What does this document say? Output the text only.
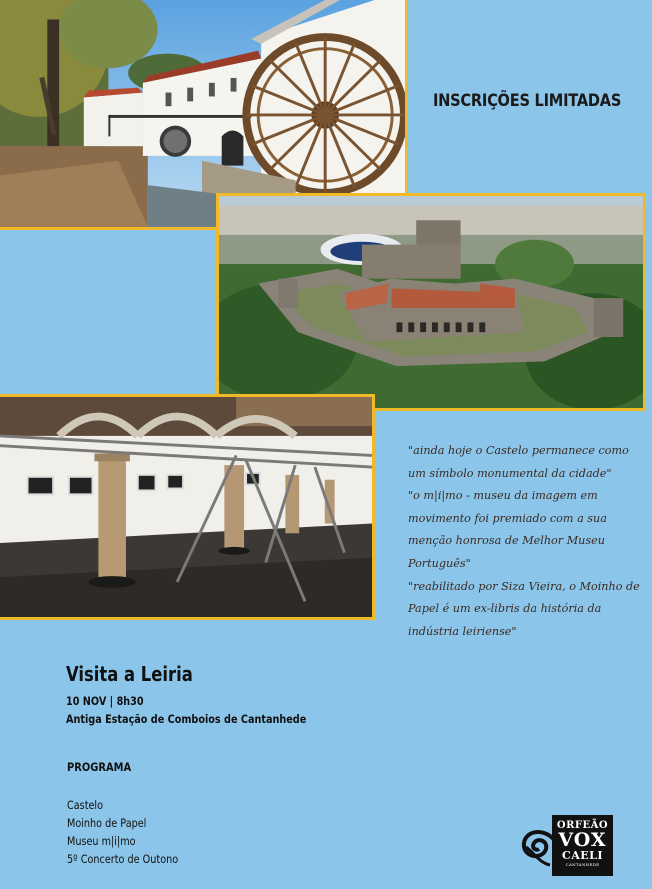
INSCRIÇÕES LIMITADAS

"ainda hoje o Castelo permanece como um símbolo monumental da cidade"

"o m|i|mo - museu da imagem em movimento foi premiado com a sua menção honrosa de Melhor Museu Português"

"reabilitado por Siza Vieira, o Moinho de Papel é um ex-libris da história da indústria leiriense"

Visita a Leiria
10 NOV | 8h30
Antiga Estação de Comboios de Cantanhede
PROGRAMA
Castelo
Moinho de Papel
Museu m|i|mo
5º Concerto de Outono
ORFEÃO
VOX
CAELI
CANTANHEDE
